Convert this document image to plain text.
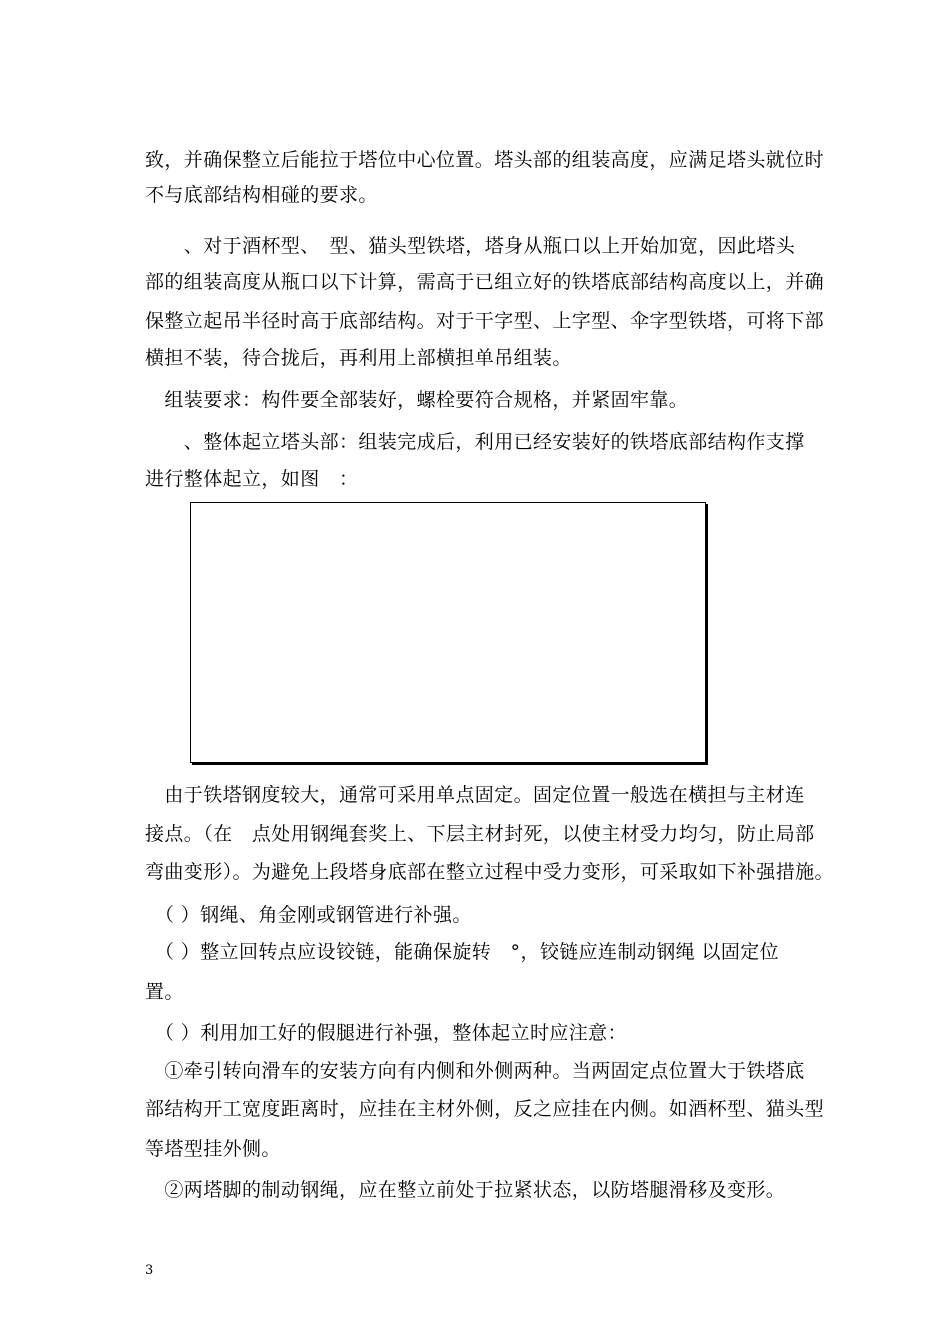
致，并确保整立后能拉于塔位中心位置。塔头部的组装高度，应满足塔头就位时
不与底部结构相碰的要求。
　　、对于酒杯型、　型、猫头型铁塔，塔身从瓶口以上开始加宽，因此塔头
部的组装高度从瓶口以下计算，需高于已组立好的铁塔底部结构高度以上，并确
保整立起吊半径时高于底部结构。对于干字型、上字型、伞字型铁塔，可将下部
横担不装，待合拢后，再利用上部横担单吊组装。
　组装要求：构件要全部装好，螺栓要符合规格，并紧固牢靠。
　　、整体起立塔头部：组装完成后，利用已经安装好的铁塔底部结构作支撑
进行整体起立，如图　：
　由于铁塔钢度较大，通常可采用单点固定。固定位置一般选在横担与主材连
接点。（在　点处用钢绳套奖上、下层主材封死，以使主材受力均匀，防止局部
弯曲变形）。为避免上段塔身底部在整立过程中受力变形，可采取如下补强措施。
　（ ）钢绳、角金刚或钢管进行补强。
　（ ）整立回转点应设铰链，能确保旋转　°，铰链应连制动钢绳 以固定位
置。
　（ ）利用加工好的假腿进行补强，整体起立时应注意：
　①牵引转向滑车的安装方向有内侧和外侧两种。当两固定点位置大于铁塔底
部结构开工宽度距离时，应挂在主材外侧，反之应挂在内侧。如酒杯型、猫头型
等塔型挂外侧。
　②两塔脚的制动钢绳，应在整立前处于拉紧状态，以防塔腿滑移及变形。
3
